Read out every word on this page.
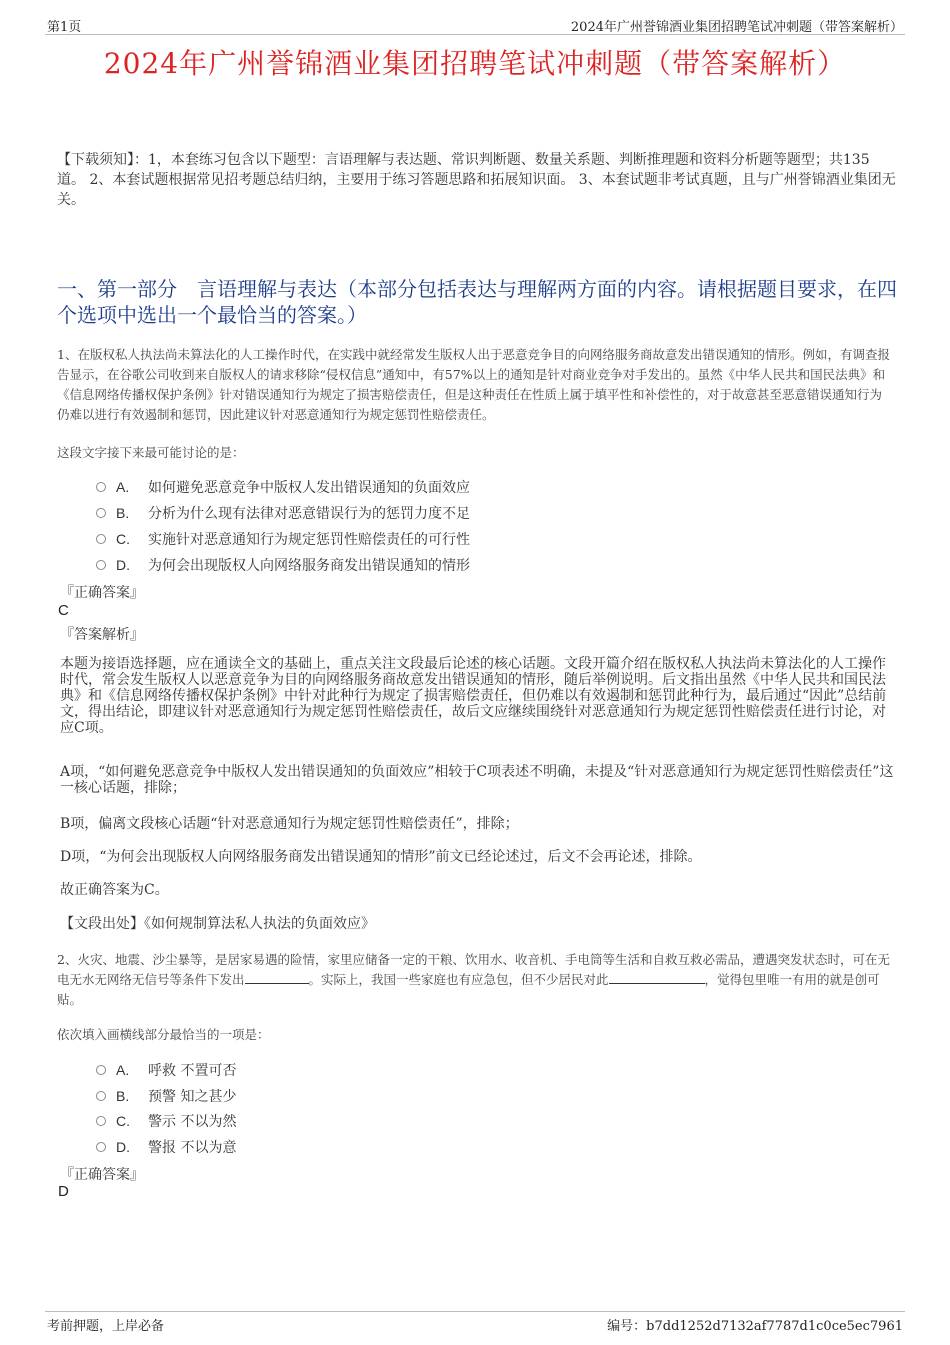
第1页	2024年广州誉锦酒业集团招聘笔试冲刺题（带答案解析）
2024年广州誉锦酒业集团招聘笔试冲刺题（带答案解析）
【下载须知】：1，本套练习包含以下题型：言语理解与表达题、常识判断题、数量关系题、判断推理题和资料分析题等题型；共135道。 2、本套试题根据常见招考题总结归纳，主要用于练习答题思路和拓展知识面。 3、本套试题非考试真题，且与广州誉锦酒业集团无关。
一、第一部分　言语理解与表达（本部分包括表达与理解两方面的内容。请根据题目要求，在四个选项中选出一个最恰当的答案。）
1、在版权私人执法尚未算法化的人工操作时代，在实践中就经常发生版权人出于恶意竞争目的向网络服务商故意发出错误通知的情形。例如，有调查报告显示，在谷歌公司收到来自版权人的请求移除“侵权信息”通知中，有57%以上的通知是针对商业竞争对手发出的。虽然《中华人民共和国民法典》和《信息网络传播权保护条例》针对错误通知行为规定了损害赔偿责任，但是这种责任在性质上属于填平性和补偿性的，对于故意甚至恶意错误通知行为仍难以进行有效遏制和惩罚，因此建议针对恶意通知行为规定惩罚性赔偿责任。
这段文字接下来最可能讨论的是：
A. 如何避免恶意竞争中版权人发出错误通知的负面效应
B. 分析为什么现有法律对恶意错误行为的惩罚力度不足
C. 实施针对恶意通知行为规定惩罚性赔偿责任的可行性
D. 为何会出现版权人向网络服务商发出错误通知的情形
『正确答案』
C
『答案解析』
本题为接语选择题，应在通读全文的基础上，重点关注文段最后论述的核心话题。文段开篇介绍在版权私人执法尚未算法化的人工操作时代，常会发生版权人以恶意竞争为目的向网络服务商故意发出错误通知的情形，随后举例说明。后文指出虽然《中华人民共和国民法典》和《信息网络传播权保护条例》中针对此种行为规定了损害赔偿责任，但仍难以有效遏制和惩罚此种行为，最后通过“因此”总结前文，得出结论，即建议针对恶意通知行为规定惩罚性赔偿责任，故后文应继续围绕针对恶意通知行为规定惩罚性赔偿责任进行讨论，对应C项。
A项，“如何避免恶意竞争中版权人发出错误通知的负面效应”相较于C项表述不明确，未提及“针对恶意通知行为规定惩罚性赔偿责任”这一核心话题，排除；
B项，偏离文段核心话题“针对恶意通知行为规定惩罚性赔偿责任”，排除；
D项，“为何会出现版权人向网络服务商发出错误通知的情形”前文已经论述过，后文不会再论述，排除。
故正确答案为C。
【文段出处】《如何规制算法私人执法的负面效应》
2、火灾、地震、沙尘暴等，是居家易遇的险情，家里应储备一定的干粮、饮用水、收音机、手电筒等生活和自救互救必需品，遭遇突发状态时，可在无电无水无网络无信号等条件下发出	。实际上，我国一些家庭也有应急包，但不少居民对此	，觉得包里唯一有用的就是创可贴。
依次填入画横线部分最恰当的一项是：
A. 呼救 不置可否
B. 预警 知之甚少
C. 警示 不以为然
D. 警报 不以为意
『正确答案』
D
考前押题，上岸必备	编号：b7dd1252d7132af7787d1c0ce5ec7961
